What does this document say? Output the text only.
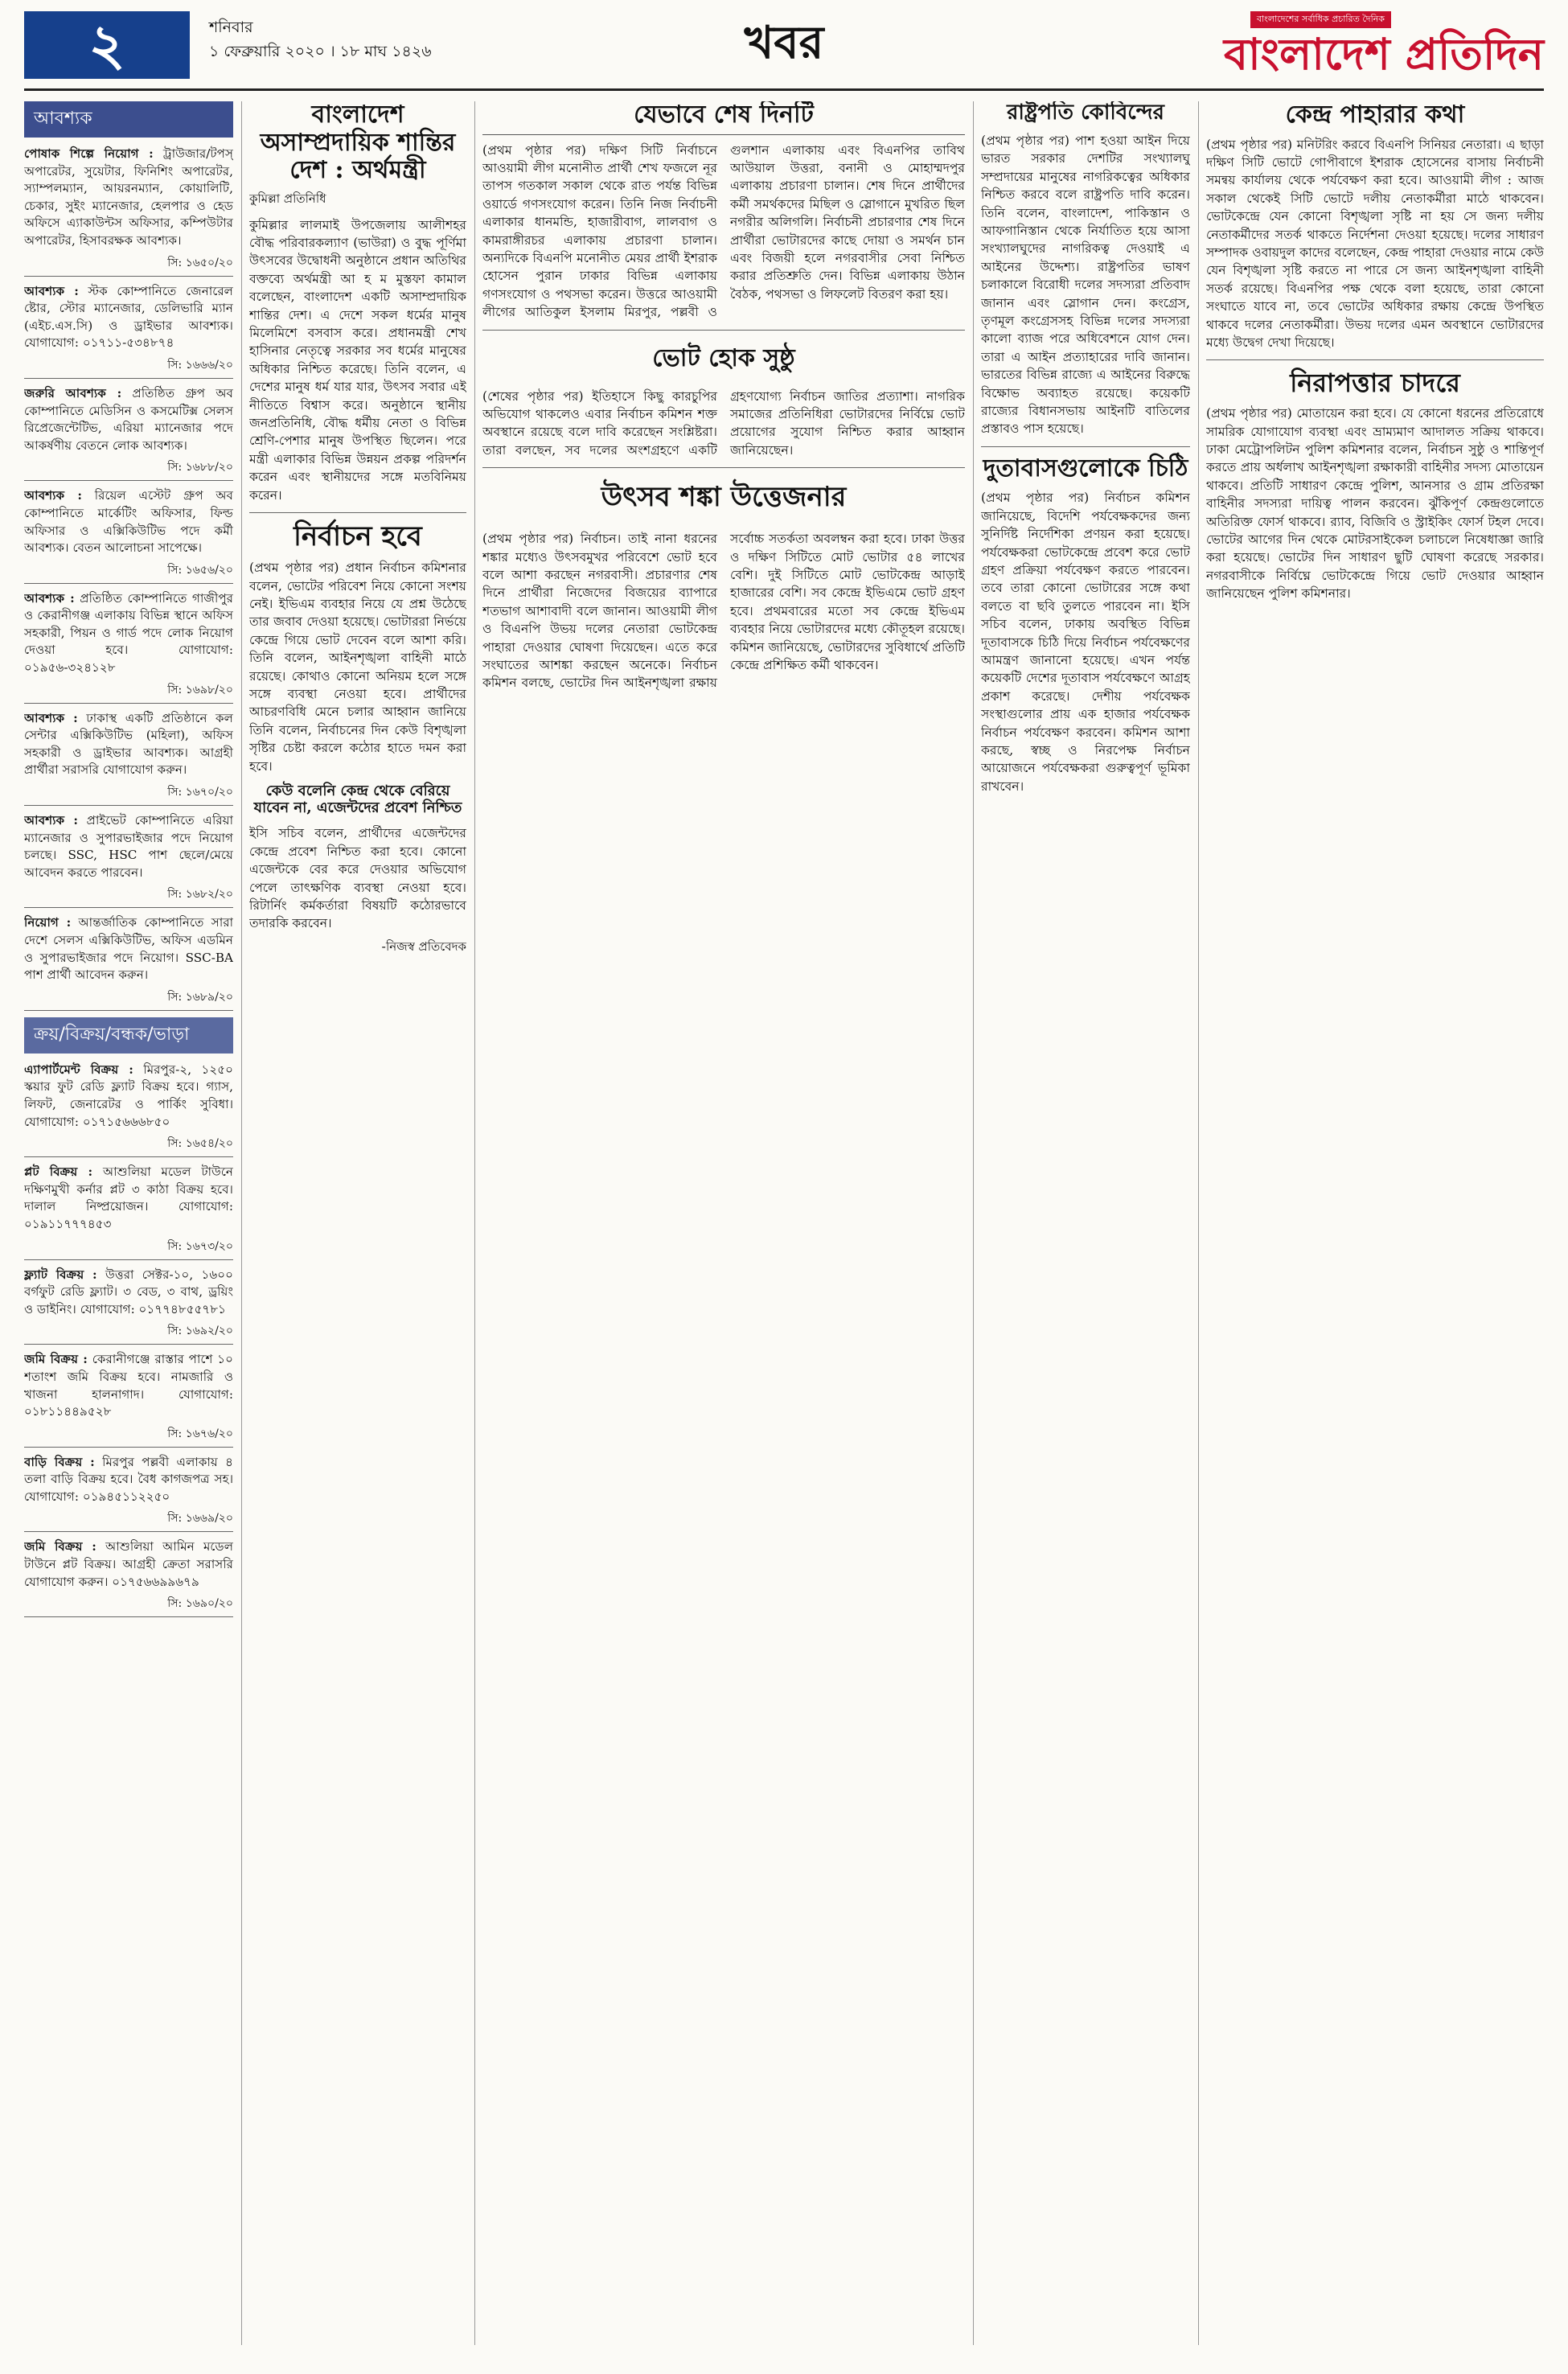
২	শনিবার
১ ফেব্রুয়ারি ২০২০ । ১৮ মাঘ ১৪২৬	খবর	বাংলাদেশের সর্বাধিক প্রচারিত দৈনিক
বাংলাদেশ প্রতিদিন
আবশ্যক

পোষাক শিল্পে নিয়োগ : ট্রাউজার/টপস্ অপারেটর, সুয়েটার, ফিনিশিং অপারেটর, স্যাম্পলম্যান, আয়রনম্যান, কোয়ালিটি, চেকার, সুইং ম্যানেজার, হেলপার ও হেড অফিসে এ্যাকাউন্টস অফিসার, কম্পিউটার অপারেটর, হিসাবরক্ষক আবশ্যক।

সি: ১৬৫০/২০

আবশ্যক : স্টক কোম্পানিতে জেনারেল ষ্টোর, স্টোর ম্যানেজার, ডেলিভারি ম্যান (এইচ.এস.সি) ও ড্রাইভার আবশ্যক। যোগাযোগ: ০১৭১১-৫৩৪৮৭৪

সি: ১৬৬৬/২০

জরুরি আবশ্যক : প্রতিষ্ঠিত গ্রুপ অব কোম্পানিতে মেডিসিন ও কসমেটিক্স সেলস রিপ্রেজেন্টেটিভ, এরিয়া ম্যানেজার পদে আকর্ষণীয় বেতনে লোক আবশ্যক।

সি: ১৬৮৮/২০

আবশ্যক : রিয়েল এস্টেট গ্রুপ অব কোম্পানিতে মার্কেটিং অফিসার, ফিল্ড অফিসার ও এক্সিকিউটিভ পদে কর্মী আবশ্যক। বেতন আলোচনা সাপেক্ষে।

সি: ১৬৫৬/২০

আবশ্যক : প্রতিষ্ঠিত কোম্পানিতে গাজীপুর ও কেরানীগঞ্জ এলাকায় বিভিন্ন স্থানে অফিস সহকারী, পিয়ন ও গার্ড পদে লোক নিয়োগ দেওয়া হবে। যোগাযোগ: ০১৯৫৬-৩২৪১২৮

সি: ১৬৯৮/২০

আবশ্যক : ঢাকাস্থ একটি প্রতিষ্ঠানে কল সেন্টার এক্সিকিউটিভ (মহিলা), অফিস সহকারী ও ড্রাইভার আবশ্যক। আগ্রহী প্রার্থীরা সরাসরি যোগাযোগ করুন।

সি: ১৬৭০/২০

আবশ্যক : প্রাইভেট কোম্পানিতে এরিয়া ম্যানেজার ও সুপারভাইজার পদে নিয়োগ চলছে। SSC, HSC পাশ ছেলে/মেয়ে আবেদন করতে পারবেন।

সি: ১৬৮২/২০

নিয়োগ : আন্তর্জাতিক কোম্পানিতে সারা দেশে সেলস এক্সিকিউটিভ, অফিস এডমিন ও সুপারভাইজার পদে নিয়োগ। SSC-BA পাশ প্রার্থী আবেদন করুন।

সি: ১৬৮৯/২০
ক্রয়/বিক্রয়/বন্ধক/ভাড়া

এ্যাপার্টমেন্ট বিক্রয় : মিরপুর-২, ১২৫০ স্কয়ার ফুট রেডি ফ্ল্যাট বিক্রয় হবে। গ্যাস, লিফট, জেনারেটর ও পার্কিং সুবিধা। যোগাযোগ: ০১৭১৫৬৬৬৮৫০

সি: ১৬৫৪/২০

প্লট বিক্রয় : আশুলিয়া মডেল টাউনে দক্ষিণমুখী কর্নার প্লট ৩ কাঠা বিক্রয় হবে। দালাল নিষ্প্রয়োজন। যোগাযোগ: ০১৯১১৭৭৭৪৫৩

সি: ১৬৭৩/২০

ফ্ল্যাট বিক্রয় : উত্তরা সেক্টর-১০, ১৬০০ বর্গফুট রেডি ফ্ল্যাট। ৩ বেড, ৩ বাথ, ড্রয়িং ও ডাইনিং। যোগাযোগ: ০১৭৭৪৮৫৫৭৮১

সি: ১৬৯২/২০

জমি বিক্রয় : কেরানীগঞ্জে রাস্তার পাশে ১০ শতাংশ জমি বিক্রয় হবে। নামজারি ও খাজনা হালনাগাদ। যোগাযোগ: ০১৮১১৪৪৯৫২৮

সি: ১৬৭৬/২০

বাড়ি বিক্রয় : মিরপুর পল্লবী এলাকায় ৪ তলা বাড়ি বিক্রয় হবে। বৈধ কাগজপত্র সহ। যোগাযোগ: ০১৯৪৫১১২২৫০

সি: ১৬৬৯/২০

জমি বিক্রয় : আশুলিয়া আমিন মডেল টাউনে প্লট বিক্রয়। আগ্রহী ক্রেতা সরাসরি যোগাযোগ করুন। ০১৭৫৬৬৯৯৬৭৯

সি: ১৬৯০/২০
বাংলাদেশ অসাম্প্রদায়িক শান্তির দেশ : অর্থমন্ত্রী
কুমিল্লা প্রতিনিধি

কুমিল্লার লালমাই উপজেলায় আলীশহর বৌদ্ধ পরিবারকল্যাণ (ভাউরা) ও বুদ্ধ পূর্ণিমা উৎসবের উদ্বোধনী অনুষ্ঠানে প্রধান অতিথির বক্তব্যে অর্থমন্ত্রী আ হ ম মুস্তফা কামাল বলেছেন, বাংলাদেশ একটি অসাম্প্রদায়িক শান্তির দেশ। এ দেশে সকল ধর্মের মানুষ মিলেমিশে বসবাস করে। প্রধানমন্ত্রী শেখ হাসিনার নেতৃত্বে সরকার সব ধর্মের মানুষের অধিকার নিশ্চিত করেছে। তিনি বলেন, এ দেশের মানুষ ধর্ম যার যার, উৎসব সবার এই নীতিতে বিশ্বাস করে। অনুষ্ঠানে স্থানীয় জনপ্রতিনিধি, বৌদ্ধ ধর্মীয় নেতা ও বিভিন্ন শ্রেণি-পেশার মানুষ উপস্থিত ছিলেন। পরে মন্ত্রী এলাকার বিভিন্ন উন্নয়ন প্রকল্প পরিদর্শন করেন এবং স্থানীয়দের সঙ্গে মতবিনিময় করেন।

নির্বাচন হবে

(প্রথম পৃষ্ঠার পর) প্রধান নির্বাচন কমিশনার বলেন, ভোটের পরিবেশ নিয়ে কোনো সংশয় নেই। ইভিএম ব্যবহার নিয়ে যে প্রশ্ন উঠেছে তার জবাব দেওয়া হয়েছে। ভোটাররা নির্ভয়ে কেন্দ্রে গিয়ে ভোট দেবেন বলে আশা করি। তিনি বলেন, আইনশৃঙ্খলা বাহিনী মাঠে রয়েছে। কোথাও কোনো অনিয়ম হলে সঙ্গে সঙ্গে ব্যবস্থা নেওয়া হবে। প্রার্থীদের আচরণবিধি মেনে চলার আহ্বান জানিয়ে তিনি বলেন, নির্বাচনের দিন কেউ বিশৃঙ্খলা সৃষ্টির চেষ্টা করলে কঠোর হাতে দমন করা হবে।

কেউ বলেনি কেন্দ্র থেকে বেরিয়ে যাবেন না, এজেন্টদের প্রবেশ নিশ্চিত

ইসি সচিব বলেন, প্রার্থীদের এজেন্টদের কেন্দ্রে প্রবেশ নিশ্চিত করা হবে। কোনো এজেন্টকে বের করে দেওয়ার অভিযোগ পেলে তাৎক্ষণিক ব্যবস্থা নেওয়া হবে। রিটার্নিং কর্মকর্তারা বিষয়টি কঠোরভাবে তদারকি করবেন।

-নিজস্ব প্রতিবেদক
যেভাবে শেষ দিনটি

(প্রথম পৃষ্ঠার পর) দক্ষিণ সিটি নির্বাচনে আওয়ামী লীগ মনোনীত প্রার্থী শেখ ফজলে নূর তাপস গতকাল সকাল থেকে রাত পর্যন্ত বিভিন্ন ওয়ার্ডে গণসংযোগ করেন। তিনি নিজ নির্বাচনী এলাকার ধানমন্ডি, হাজারীবাগ, লালবাগ ও কামরাঙ্গীরচর এলাকায় প্রচারণা চালান। অন্যদিকে বিএনপি মনোনীত মেয়র প্রার্থী ইশরাক হোসেন পুরান ঢাকার বিভিন্ন এলাকায় গণসংযোগ ও পথসভা করেন। উত্তরে আওয়ামী লীগের আতিকুল ইসলাম মিরপুর, পল্লবী ও গুলশান এলাকায় এবং বিএনপির তাবিথ আউয়াল উত্তরা, বনানী ও মোহাম্মদপুর এলাকায় প্রচারণা চালান। শেষ দিনে প্রার্থীদের কর্মী সমর্থকদের মিছিল ও স্লোগানে মুখরিত ছিল নগরীর অলিগলি। নির্বাচনী প্রচারণার শেষ দিনে প্রার্থীরা ভোটারদের কাছে দোয়া ও সমর্থন চান এবং বিজয়ী হলে নগরবাসীর সেবা নিশ্চিত করার প্রতিশ্রুতি দেন। বিভিন্ন এলাকায় উঠান বৈঠক, পথসভা ও লিফলেট বিতরণ করা হয়।

ভোট হোক সুষ্ঠু

(শেষের পৃষ্ঠার পর) ইতিহাসে কিছু কারচুপির অভিযোগ থাকলেও এবার নির্বাচন কমিশন শক্ত অবস্থানে রয়েছে বলে দাবি করেছেন সংশ্লিষ্টরা। তারা বলছেন, সব দলের অংশগ্রহণে একটি গ্রহণযোগ্য নির্বাচন জাতির প্রত্যাশা। নাগরিক সমাজের প্রতিনিধিরা ভোটারদের নির্বিঘ্নে ভোট প্রয়োগের সুযোগ নিশ্চিত করার আহ্বান জানিয়েছেন।

উৎসব শঙ্কা উত্তেজনার

(প্রথম পৃষ্ঠার পর) নির্বাচন। তাই নানা ধরনের শঙ্কার মধ্যেও উৎসবমুখর পরিবেশে ভোট হবে বলে আশা করছেন নগরবাসী। প্রচারণার শেষ দিনে প্রার্থীরা নিজেদের বিজয়ের ব্যাপারে শতভাগ আশাবাদী বলে জানান। আওয়ামী লীগ ও বিএনপি উভয় দলের নেতারা ভোটকেন্দ্র পাহারা দেওয়ার ঘোষণা দিয়েছেন। এতে করে সংঘাতের আশঙ্কা করছেন অনেকে। নির্বাচন কমিশন বলছে, ভোটের দিন আইনশৃঙ্খলা রক্ষায় সর্বোচ্চ সতর্কতা অবলম্বন করা হবে। ঢাকা উত্তর ও দক্ষিণ সিটিতে মোট ভোটার ৫৪ লাখের বেশি। দুই সিটিতে মোট ভোটকেন্দ্র আড়াই হাজারের বেশি। সব কেন্দ্রে ইভিএমে ভোট গ্রহণ হবে। প্রথমবারের মতো সব কেন্দ্রে ইভিএম ব্যবহার নিয়ে ভোটারদের মধ্যে কৌতূহল রয়েছে। কমিশন জানিয়েছে, ভোটারদের সুবিধার্থে প্রতিটি কেন্দ্রে প্রশিক্ষিত কর্মী থাকবেন।

রাষ্ট্রপতি কোবিন্দের

(প্রথম পৃষ্ঠার পর) পাশ হওয়া আইন দিয়ে ভারত সরকার দেশটির সংখ্যালঘু সম্প্রদায়ের মানুষের নাগরিকত্বের অধিকার নিশ্চিত করবে বলে রাষ্ট্রপতি দাবি করেন। তিনি বলেন, বাংলাদেশ, পাকিস্তান ও আফগানিস্তান থেকে নির্যাতিত হয়ে আসা সংখ্যালঘুদের নাগরিকত্ব দেওয়াই এ আইনের উদ্দেশ্য। রাষ্ট্রপতির ভাষণ চলাকালে বিরোধী দলের সদস্যরা প্রতিবাদ জানান এবং স্লোগান দেন। কংগ্রেস, তৃণমূল কংগ্রেসসহ বিভিন্ন দলের সদস্যরা কালো ব্যাজ পরে অধিবেশনে যোগ দেন। তারা এ আইন প্রত্যাহারের দাবি জানান। ভারতের বিভিন্ন রাজ্যে এ আইনের বিরুদ্ধে বিক্ষোভ অব্যাহত রয়েছে। কয়েকটি রাজ্যের বিধানসভায় আইনটি বাতিলের প্রস্তাবও পাস হয়েছে।

দুতাবাসগুলোকে চিঠি

(প্রথম পৃষ্ঠার পর) নির্বাচন কমিশন জানিয়েছে, বিদেশি পর্যবেক্ষকদের জন্য সুনির্দিষ্ট নির্দেশিকা প্রণয়ন করা হয়েছে। পর্যবেক্ষকরা ভোটকেন্দ্রে প্রবেশ করে ভোট গ্রহণ প্রক্রিয়া পর্যবেক্ষণ করতে পারবেন। তবে তারা কোনো ভোটারের সঙ্গে কথা বলতে বা ছবি তুলতে পারবেন না। ইসি সচিব বলেন, ঢাকায় অবস্থিত বিভিন্ন দূতাবাসকে চিঠি দিয়ে নির্বাচন পর্যবেক্ষণের আমন্ত্রণ জানানো হয়েছে। এখন পর্যন্ত কয়েকটি দেশের দূতাবাস পর্যবেক্ষণে আগ্রহ প্রকাশ করেছে। দেশীয় পর্যবেক্ষক সংস্থাগুলোর প্রায় এক হাজার পর্যবেক্ষক নির্বাচন পর্যবেক্ষণ করবেন। কমিশন আশা করছে, স্বচ্ছ ও নিরপেক্ষ নির্বাচন আয়োজনে পর্যবেক্ষকরা গুরুত্বপূর্ণ ভূমিকা রাখবেন।

কেন্দ্র পাহারার কথা

(প্রথম পৃষ্ঠার পর) মনিটরিং করবে বিএনপি সিনিয়র নেতারা। এ ছাড়া দক্ষিণ সিটি ভোটে গোপীবাগে ইশরাক হোসেনের বাসায় নির্বাচনী সমন্বয় কার্যালয় থেকে পর্যবেক্ষণ করা হবে। আওয়ামী লীগ : আজ সকাল থেকেই সিটি ভোটে দলীয় নেতাকর্মীরা মাঠে থাকবেন। ভোটকেন্দ্রে যেন কোনো বিশৃঙ্খলা সৃষ্টি না হয় সে জন্য দলীয় নেতাকর্মীদের সতর্ক থাকতে নির্দেশনা দেওয়া হয়েছে। দলের সাধারণ সম্পাদক ওবায়দুল কাদের বলেছেন, কেন্দ্র পাহারা দেওয়ার নামে কেউ যেন বিশৃঙ্খলা সৃষ্টি করতে না পারে সে জন্য আইনশৃঙ্খলা বাহিনী সতর্ক রয়েছে। বিএনপির পক্ষ থেকে বলা হয়েছে, তারা কোনো সংঘাতে যাবে না, তবে ভোটের অধিকার রক্ষায় কেন্দ্রে উপস্থিত থাকবে দলের নেতাকর্মীরা। উভয় দলের এমন অবস্থানে ভোটারদের মধ্যে উদ্বেগ দেখা দিয়েছে।

নিরাপত্তার চাদরে

(প্রথম পৃষ্ঠার পর) মোতায়েন করা হবে। যে কোনো ধরনের প্রতিরোধে সামরিক যোগাযোগ ব্যবস্থা এবং ভ্রাম্যমাণ আদালত সক্রিয় থাকবে। ঢাকা মেট্রোপলিটন পুলিশ কমিশনার বলেন, নির্বাচন সুষ্ঠু ও শান্তিপূর্ণ করতে প্রায় অর্ধলাখ আইনশৃঙ্খলা রক্ষাকারী বাহিনীর সদস্য মোতায়েন থাকবে। প্রতিটি সাধারণ কেন্দ্রে পুলিশ, আনসার ও গ্রাম প্রতিরক্ষা বাহিনীর সদস্যরা দায়িত্ব পালন করবেন। ঝুঁকিপূর্ণ কেন্দ্রগুলোতে অতিরিক্ত ফোর্স থাকবে। র‌্যাব, বিজিবি ও স্ট্রাইকিং ফোর্স টহল দেবে। ভোটের আগের দিন থেকে মোটরসাইকেল চলাচলে নিষেধাজ্ঞা জারি করা হয়েছে। ভোটের দিন সাধারণ ছুটি ঘোষণা করেছে সরকার। নগরবাসীকে নির্বিঘ্নে ভোটকেন্দ্রে গিয়ে ভোট দেওয়ার আহ্বান জানিয়েছেন পুলিশ কমিশনার।
